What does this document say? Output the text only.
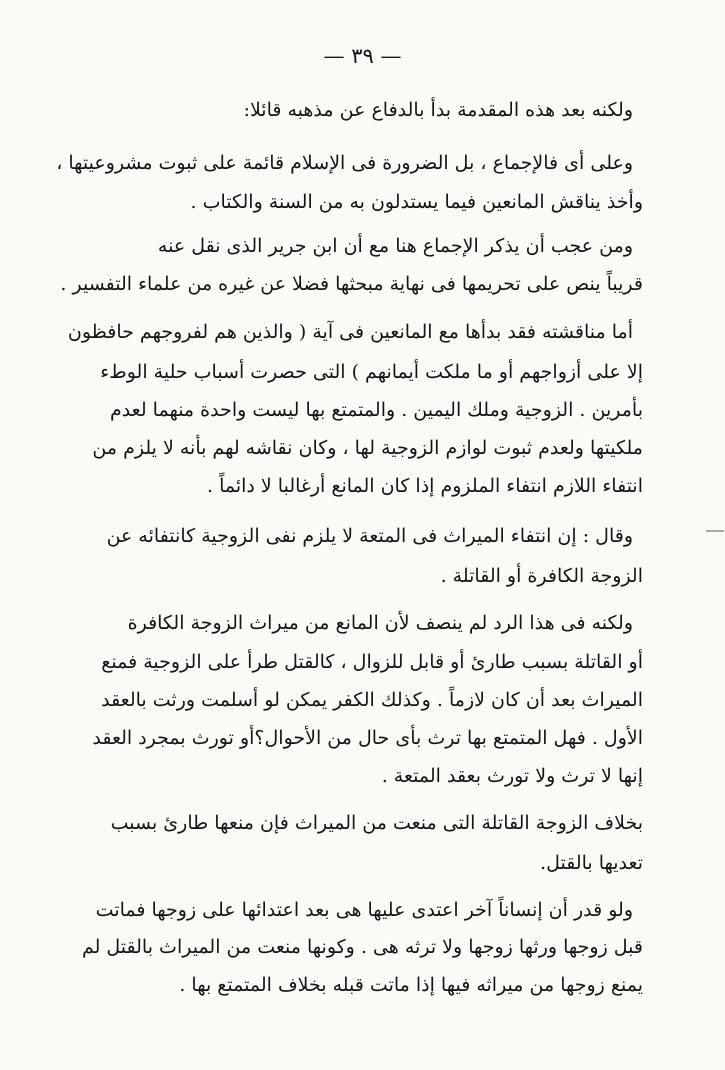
— ٣٩ —
ولكنه بعد هذه المقدمة بدأ بالدفاع عن مذهبه قائلا:
وعلى أى فالإجماع ، بل الضرورة فى الإسلام قائمة على ثبوت مشروعيتها ،
وأخذ يناقش المانعين فيما يستدلون به من السنة والكتاب .
ومن عجب أن يذكر الإجماع هنا مع أن ابن جرير الذى نقل عنه
قريباً ينص على تحريمها فى نهاية مبحثها فضلا عن غيره من علماء التفسير .
أما مناقشته فقد بدأها مع المانعين فى آية ( والذين هم لفروجهم حافظون
إلا على أزواجهم أو ما ملكت أيمانهم ) التى حصرت أسباب حلية الوطء
بأمرين . الزوجية وملك اليمين . والمتمتع بها ليست واحدة منهما لعدم
ملكيتها ولعدم ثبوت لوازم الزوجية لها ، وكان نقاشه لهم بأنه لا يلزم من
انتفاء اللازم انتفاء الملزوم إذا كان المانع أرغالبا لا دائماً .
وقال : إن انتفاء الميراث فى المتعة لا يلزم نفى الزوجية كانتفائه عن
الزوجة الكافرة أو القاتلة .
ولكنه فى هذا الرد لم ينصف لأن المانع من ميراث الزوجة الكافرة
أو القاتلة بسبب طارئ أو قابل للزوال ، كالقتل طرأ على الزوجية فمنع
الميراث بعد أن كان لازماً . وكذلك الكفر يمكن لو أسلمت ورثت بالعقد
الأول . فهل المتمتع بها ترث بأى حال من الأحوال؟أو تورث بمجرد العقد
إنها لا ترث ولا تورث بعقد المتعة .
بخلاف الزوجة القاتلة التى منعت من الميراث فإن منعها طارئ بسبب
تعديها بالقتل.
ولو قدر أن إنساناً آخر اعتدى عليها هى بعد اعتدائها على زوجها فماتت
قبل زوجها ورثها زوجها ولا ترثه هى . وكونها منعت من الميراث بالقتل لم
يمنع زوجها من ميراثه فيها إذا ماتت قبله بخلاف المتمتع بها .
